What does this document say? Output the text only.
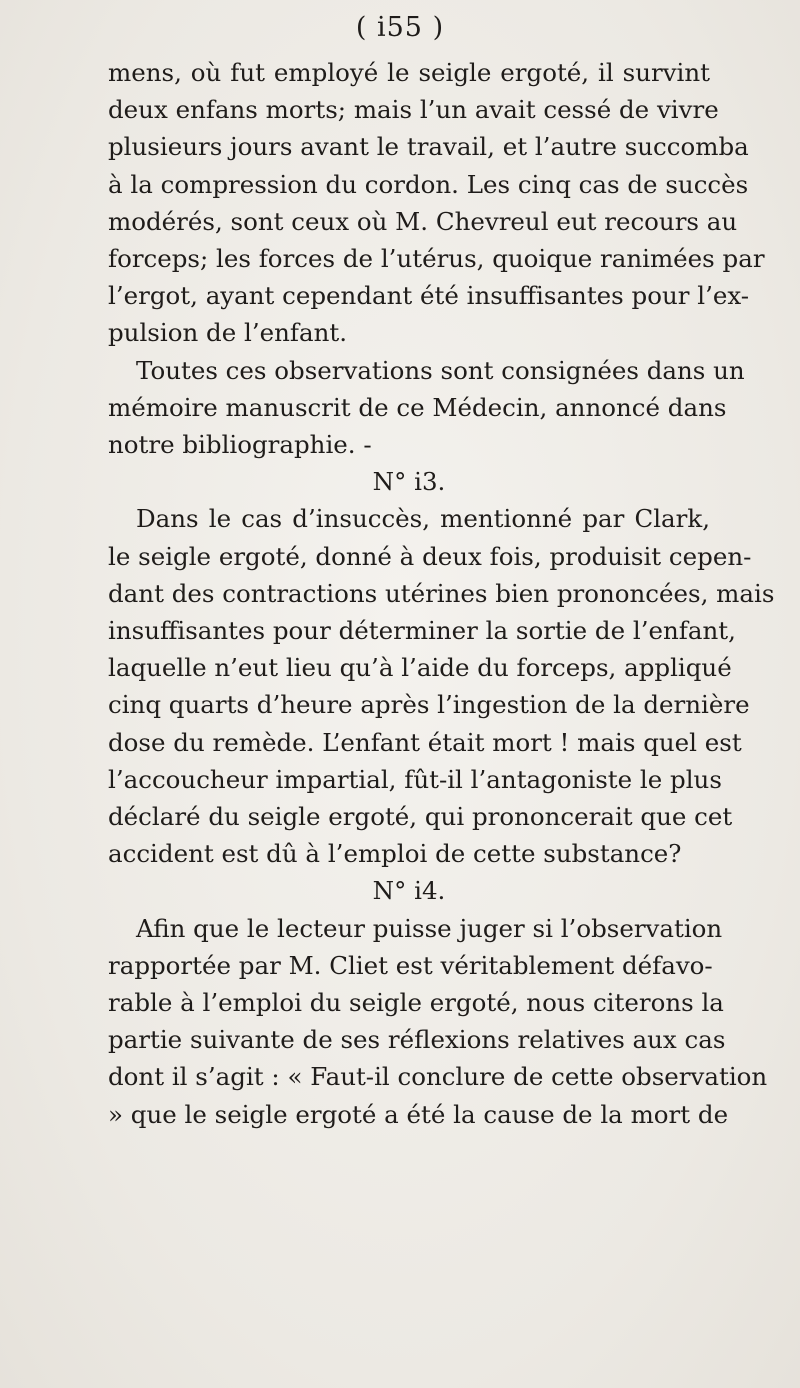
( i55 )
mens, où fut employé le seigle ergoté, il survint
deux enfans morts; mais l’un avait cessé de vivre
plusieurs jours avant le travail, et l’autre succomba
à la compression du cordon. Les cinq cas de succès
modérés, sont ceux où M. Chevreul eut recours au
forceps; les forces de l’utérus, quoique ranimées par
l’ergot, ayant cependant été insuffisantes pour l’ex-
pulsion de l’enfant.
Toutes ces observations sont consignées dans un
mémoire manuscrit de ce Médecin, annoncé dans
notre bibliographie. -
N° i3.
Dans le cas d’insuccès, mentionné par Clark,
le seigle ergoté, donné à deux fois, produisit cepen-
dant des contractions utérines bien prononcées, mais
insuffisantes pour déterminer la sortie de l’enfant,
laquelle n’eut lieu qu’à l’aide du forceps, appliqué
cinq quarts d’heure après l’ingestion de la dernière
dose du remède. L’enfant était mort ! mais quel est
l’accoucheur impartial, fût-il l’antagoniste le plus
déclaré du seigle ergoté, qui prononcerait que cet
accident est dû à l’emploi de cette substance?
N° i4.
Afin que le lecteur puisse juger si l’observation
rapportée par M. Cliet est véritablement défavo-
rable à l’emploi du seigle ergoté, nous citerons la
partie suivante de ses réflexions relatives aux cas
dont il s’agit : « Faut-il conclure de cette observation
» que le seigle ergoté a été la cause de la mort de
